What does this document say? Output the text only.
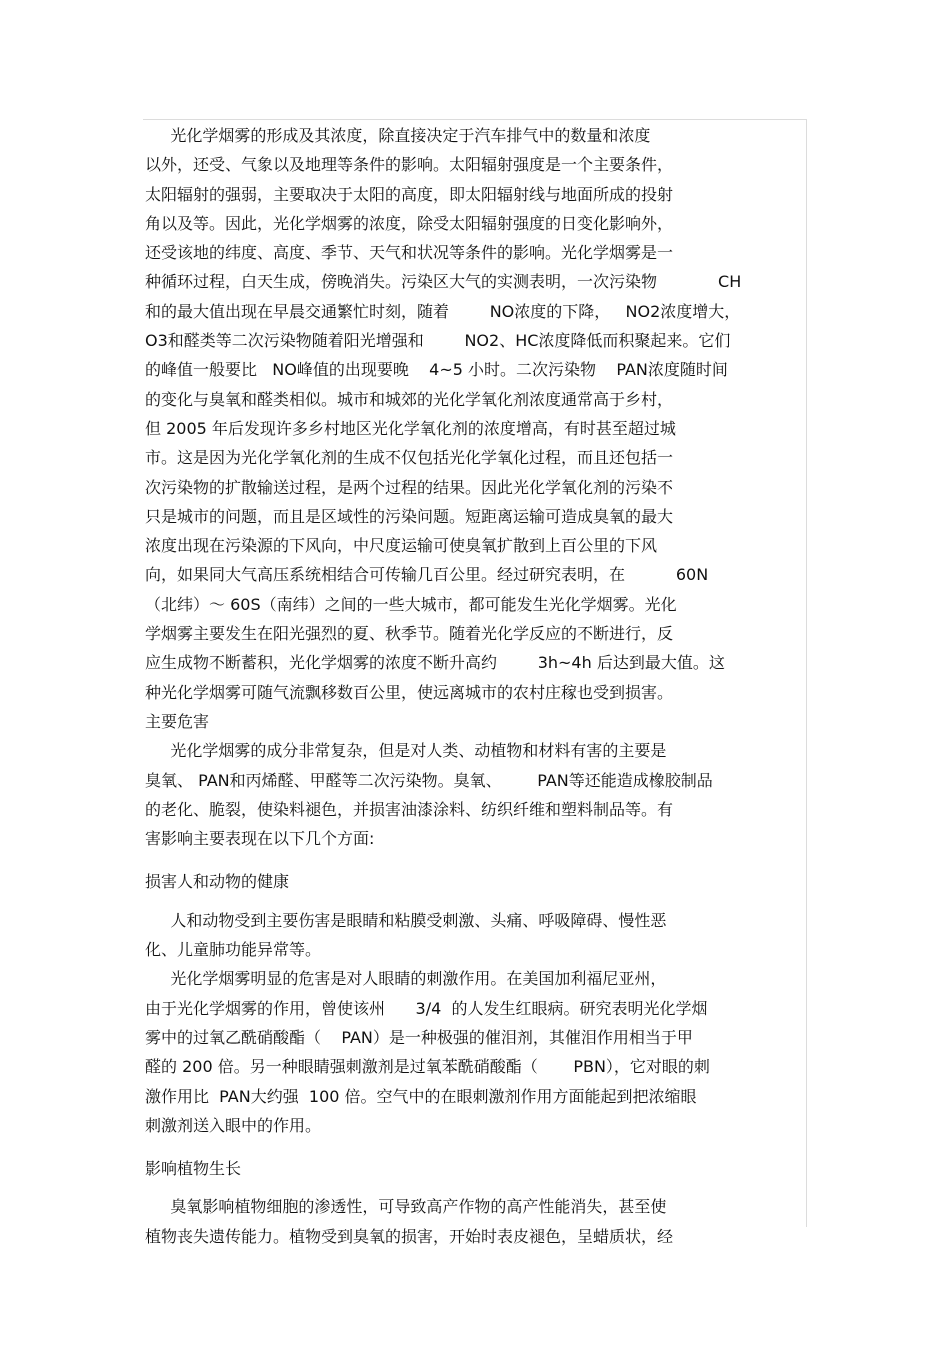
光化学烟雾的形成及其浓度，除直接决定于汽车排气中的数量和浓度
以外，还受、气象以及地理等条件的影响。太阳辐射强度是一个主要条件，
太阳辐射的强弱，主要取决于太阳的高度，即太阳辐射线与地面所成的投射
角以及等。因此，光化学烟雾的浓度，除受太阳辐射强度的日变化影响外，
还受该地的纬度、高度、季节、天气和状况等条件的影响。光化学烟雾是一
种循环过程，白天生成，傍晚消失。污染区大气的实测表明，一次污染物            CH
和的最大值出现在早晨交通繁忙时刻，随着        NO浓度的下降，   NO2浓度增大，
O3和醛类等二次污染物随着阳光增强和        NO2、HC浓度降低而积聚起来。它们
的峰值一般要比   NO峰值的出现要晚    4~5 小时。二次污染物    PAN浓度随时间
的变化与臭氧和醛类相似。城市和城郊的光化学氧化剂浓度通常高于乡村，
但 2005 年后发现许多乡村地区光化学氧化剂的浓度增高，有时甚至超过城
市。这是因为光化学氧化剂的生成不仅包括光化学氧化过程，而且还包括一
次污染物的扩散输送过程，是两个过程的结果。因此光化学氧化剂的污染不
只是城市的问题，而且是区域性的污染问题。短距离运输可造成臭氧的最大
浓度出现在污染源的下风向，中尺度运输可使臭氧扩散到上百公里的下风
向，如果同大气高压系统相结合可传输几百公里。经过研究表明，在          60N
（北纬）～ 60S（南纬）之间的一些大城市，都可能发生光化学烟雾。光化
学烟雾主要发生在阳光强烈的夏、秋季节。随着光化学反应的不断进行，反
应生成物不断蓄积，光化学烟雾的浓度不断升高约        3h~4h 后达到最大值。这
种光化学烟雾可随气流飘移数百公里，使远离城市的农村庄稼也受到损害。
主要危害
光化学烟雾的成分非常复杂，但是对人类、动植物和材料有害的主要是
臭氧、 PAN和丙烯醛、甲醛等二次污染物。臭氧、       PAN等还能造成橡胶制品
的老化、脆裂，使染料褪色，并损害油漆涂料、纺织纤维和塑料制品等。有
害影响主要表现在以下几个方面:
损害人和动物的健康
人和动物受到主要伤害是眼睛和粘膜受刺激、头痛、呼吸障碍、慢性恶
化、儿童肺功能异常等。
光化学烟雾明显的危害是对人眼睛的刺激作用。在美国加利福尼亚州，
由于光化学烟雾的作用，曾使该州      3/4  的人发生红眼病。研究表明光化学烟
雾中的过氧乙酰硝酸酯（    PAN）是一种极强的催泪剂，其催泪作用相当于甲
醛的 200 倍。另一种眼睛强刺激剂是过氧苯酰硝酸酯（       PBN），它对眼的刺
激作用比  PAN大约强  100 倍。空气中的在眼刺激剂作用方面能起到把浓缩眼
刺激剂送入眼中的作用。
影响植物生长
臭氧影响植物细胞的渗透性，可导致高产作物的高产性能消失，甚至使
植物丧失遗传能力。植物受到臭氧的损害，开始时表皮褪色，呈蜡质状，经
